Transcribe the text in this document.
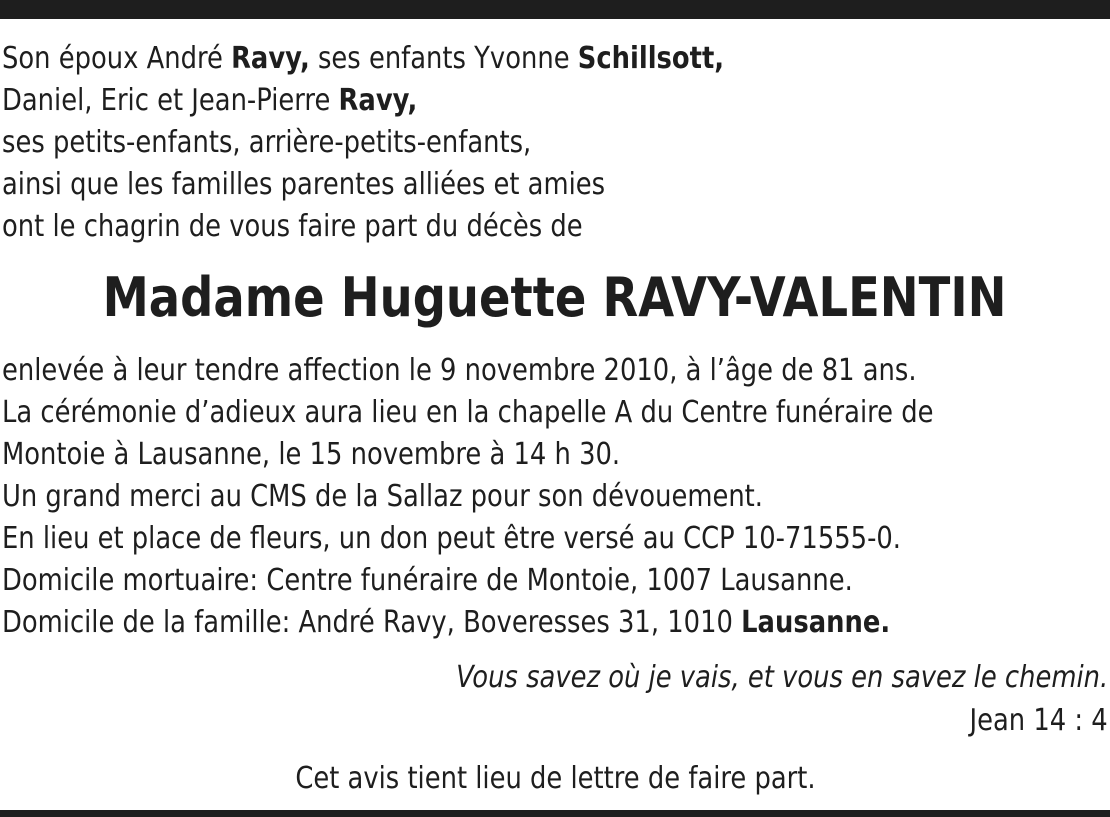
Son époux André Ravy, ses enfants Yvonne Schillsott,
Daniel, Eric et Jean-Pierre Ravy,
ses petits-enfants, arrière-petits-enfants,
ainsi que les familles parentes alliées et amies
ont le chagrin de vous faire part du décès de
Madame Huguette RAVY-VALENTIN
enlevée à leur tendre affection le 9 novembre 2010, à l’âge de 81 ans.
La cérémonie d’adieux aura lieu en la chapelle A du Centre funéraire de
Montoie à Lausanne, le 15 novembre à 14 h 30.
Un grand merci au CMS de la Sallaz pour son dévouement.
En lieu et place de fleurs, un don peut être versé au CCP 10-71555-0.
Domicile mortuaire: Centre funéraire de Montoie, 1007 Lausanne.
Domicile de la famille: André Ravy, Boveresses 31, 1010 Lausanne.
Vous savez où je vais, et vous en savez le chemin.
Jean 14 : 4
Cet avis tient lieu de lettre de faire part.
